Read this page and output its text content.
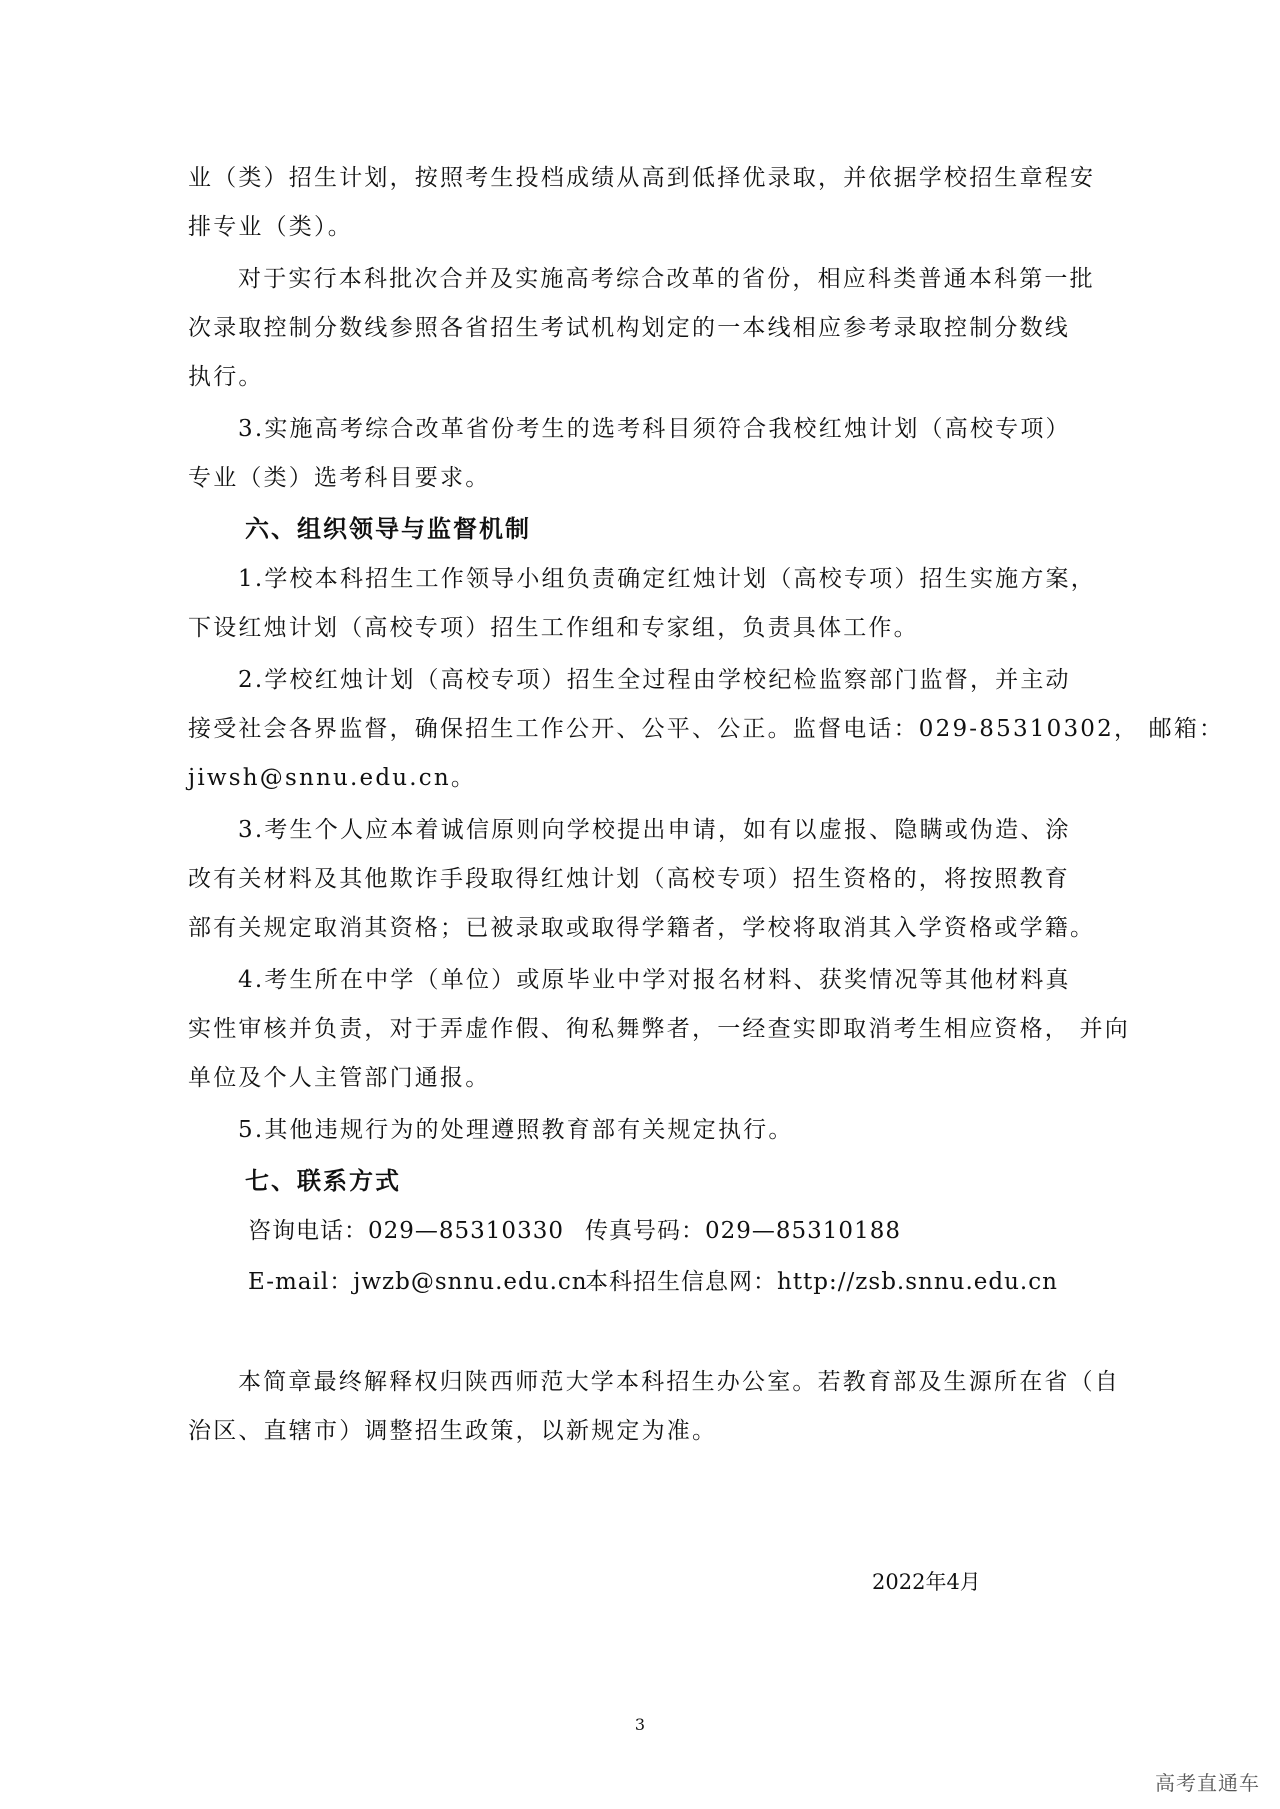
业（类）招生计划，按照考生投档成绩从高到低择优录取，并依据学校招生章程安
排专业（类）。
对于实行本科批次合并及实施高考综合改革的省份，相应科类普通本科第一批
次录取控制分数线参照各省招生考试机构划定的一本线相应参考录取控制分数线
执行。
3.实施高考综合改革省份考生的选考科目须符合我校红烛计划（高校专项）
专业（类）选考科目要求。
六、组织领导与监督机制
1.学校本科招生工作领导小组负责确定红烛计划（高校专项）招生实施方案，
下设红烛计划（高校专项）招生工作组和专家组，负责具体工作。
2.学校红烛计划（高校专项）招生全过程由学校纪检监察部门监督，并主动
接受社会各界监督，确保招生工作公开、公平、公正。监督电话：029-85310302， 邮箱：
jiwsh@snnu.edu.cn。
3.考生个人应本着诚信原则向学校提出申请，如有以虚报、隐瞒或伪造、涂
改有关材料及其他欺诈手段取得红烛计划（高校专项）招生资格的，将按照教育
部有关规定取消其资格；已被录取或取得学籍者，学校将取消其入学资格或学籍。
4.考生所在中学（单位）或原毕业中学对报名材料、获奖情况等其他材料真
实性审核并负责，对于弄虚作假、徇私舞弊者，一经查实即取消考生相应资格， 并向
单位及个人主管部门通报。
5.其他违规行为的处理遵照教育部有关规定执行。
七、联系方式
咨询电话：029—85310330 传真号码：029—85310188
E-mail：jwzb@snnu.edu.cn
本科招生信息网：http://zsb.snnu.edu.cn
本简章最终解释权归陕西师范大学本科招生办公室。若教育部及生源所在省（自
治区、直辖市）调整招生政策，以新规定为准。
2022年4月
3
高考直通车
